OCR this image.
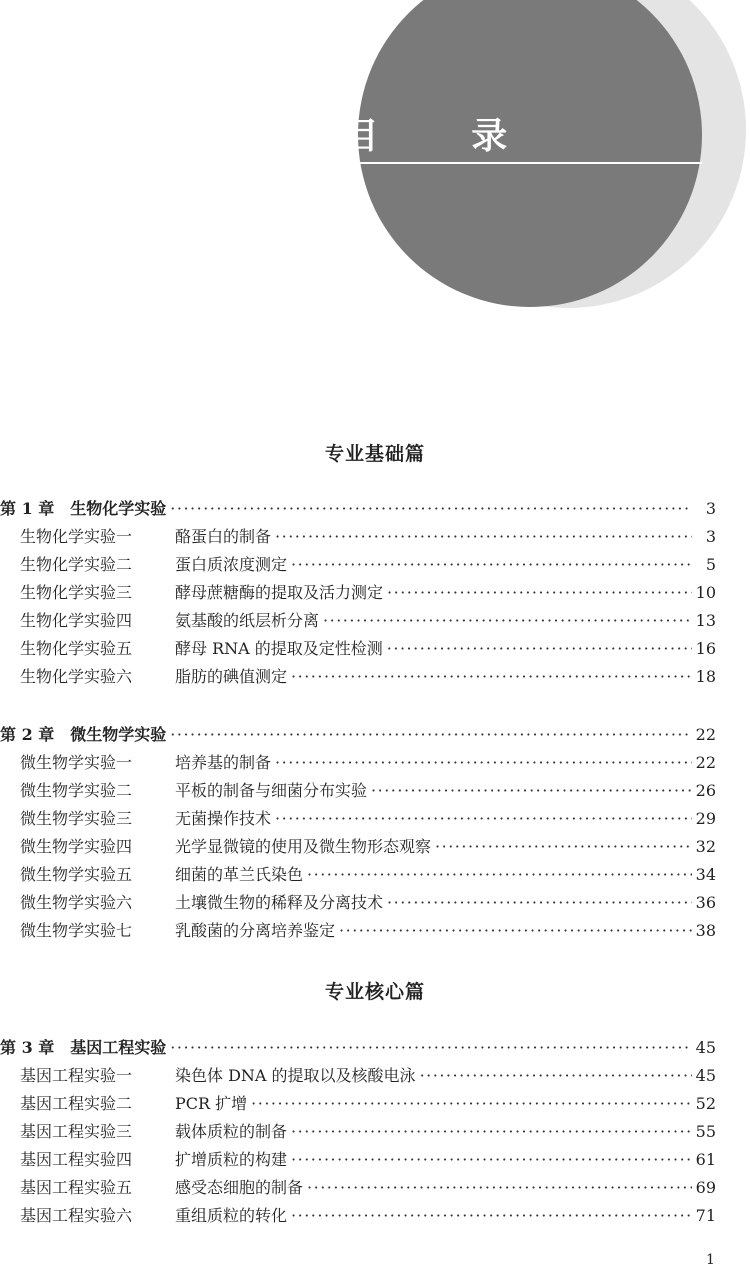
目 录
专业基础篇
第 1 章　生物化学实验 ·····	3
生物化学实验一	酪蛋白的制备 ·····	3
生物化学实验二	蛋白质浓度测定 ·····	5
生物化学实验三	酵母蔗糖酶的提取及活力测定 ·····	10
生物化学实验四	氨基酸的纸层析分离 ·····	13
生物化学实验五	酵母 RNA 的提取及定性检测 ·····	16
生物化学实验六	脂肪的碘值测定 ·····	18
第 2 章　微生物学实验 ·····	22
微生物学实验一	培养基的制备 ·····	22
微生物学实验二	平板的制备与细菌分布实验 ·····	26
微生物学实验三	无菌操作技术 ·····	29
微生物学实验四	光学显微镜的使用及微生物形态观察 ·····	32
微生物学实验五	细菌的革兰氏染色 ·····	34
微生物学实验六	土壤微生物的稀释及分离技术 ·····	36
微生物学实验七	乳酸菌的分离培养鉴定 ·····	38
专业核心篇
第 3 章　基因工程实验 ·····	45
基因工程实验一	染色体 DNA 的提取以及核酸电泳 ·····	45
基因工程实验二	PCR 扩增 ·····	52
基因工程实验三	载体质粒的制备 ·····	55
基因工程实验四	扩增质粒的构建 ·····	61
基因工程实验五	感受态细胞的制备 ·····	69
基因工程实验六	重组质粒的转化 ·····	71
1
